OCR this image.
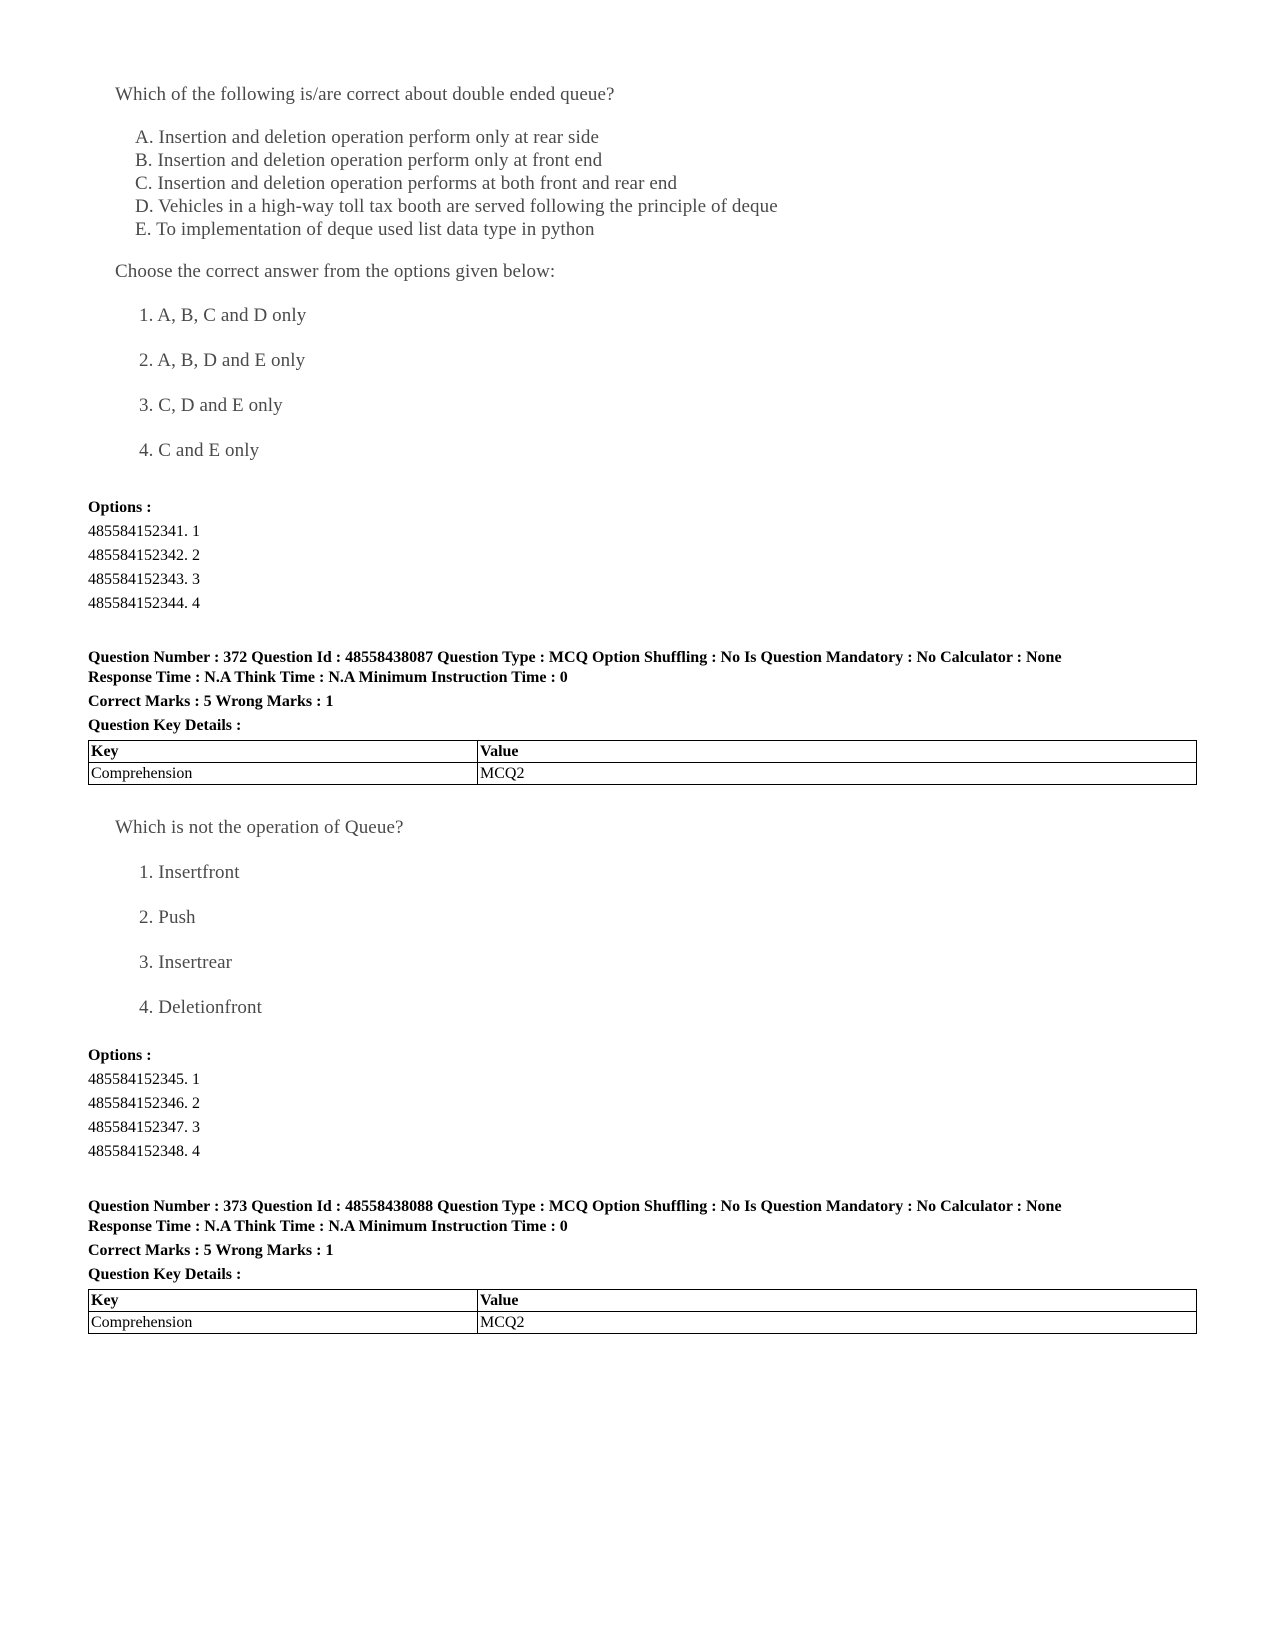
Which of the following is/are correct about double ended queue?
A. Insertion and deletion operation perform only at rear side
B. Insertion and deletion operation perform only at front end
C. Insertion and deletion operation performs at both front and rear end
D. Vehicles in a high-way toll tax booth are served following the principle of deque
E. To implementation of deque used list data type in python
Choose the correct answer from the options given below:
1. A, B, C and D only
2. A, B, D and E only
3. C, D and E only
4. C and E only
Options :
485584152341. 1
485584152342. 2
485584152343. 3
485584152344. 4
Question Number : 372 Question Id : 48558438087 Question Type : MCQ Option Shuffling : No Is Question Mandatory : No Calculator : None
Response Time : N.A Think Time : N.A Minimum Instruction Time : 0
Correct Marks : 5 Wrong Marks : 1
Question Key Details :
Key	Value
Comprehension	MCQ2
Which is not the operation of Queue?
1. Insertfront
2. Push
3. Insertrear
4. Deletionfront
Options :
485584152345. 1
485584152346. 2
485584152347. 3
485584152348. 4
Question Number : 373 Question Id : 48558438088 Question Type : MCQ Option Shuffling : No Is Question Mandatory : No Calculator : None
Response Time : N.A Think Time : N.A Minimum Instruction Time : 0
Correct Marks : 5 Wrong Marks : 1
Question Key Details :
Key	Value
Comprehension	MCQ2
